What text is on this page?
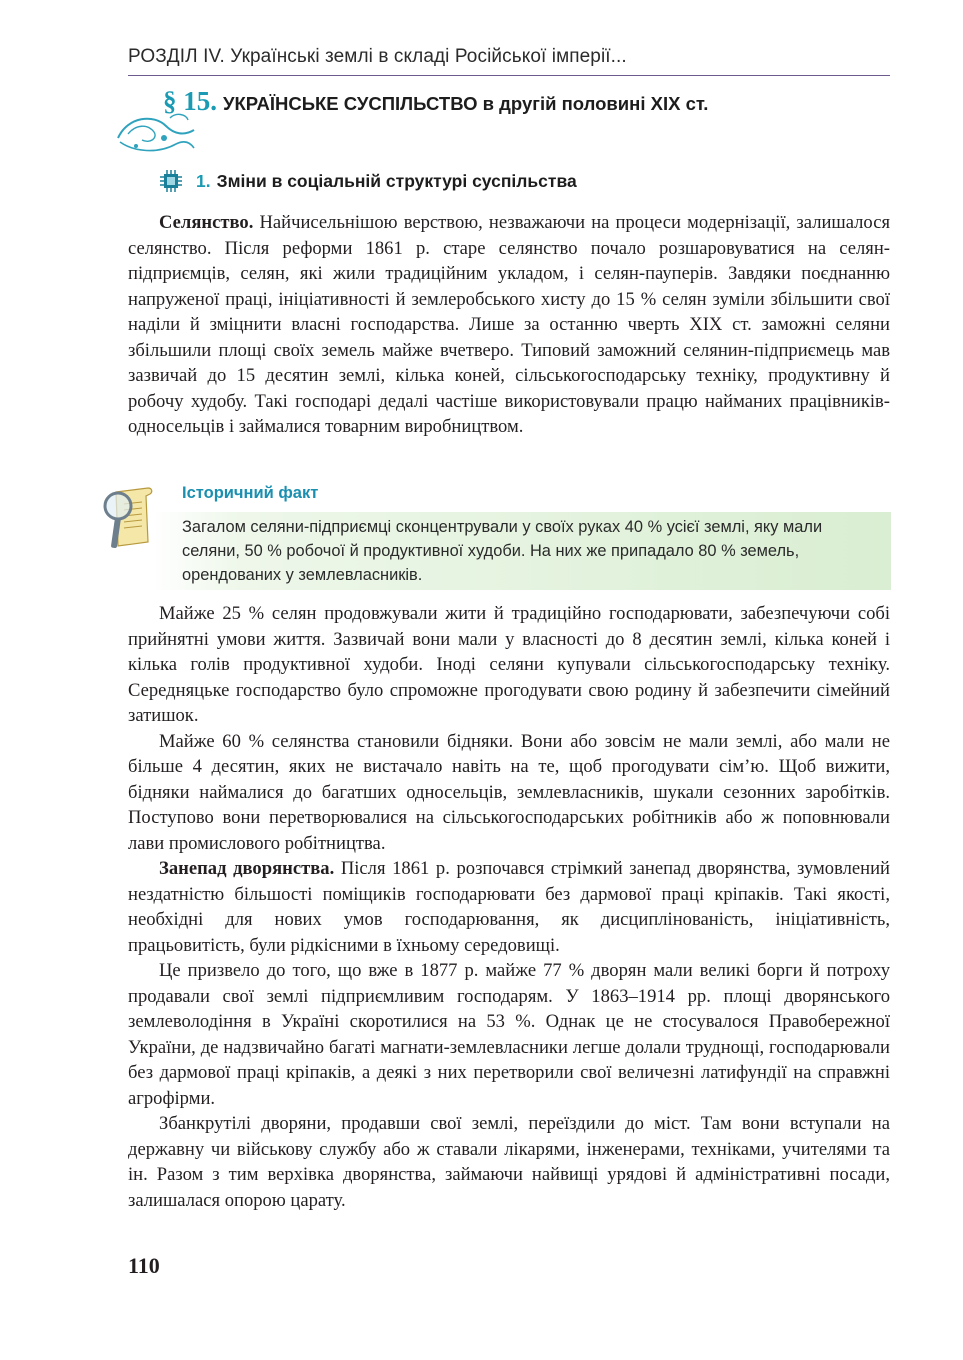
РОЗДІЛ IV. Українські землі в складі Російської імперії...
§ 15. УКРАЇНСЬКЕ СУСПІЛЬСТВО в другій половині XIX ст.
1. Зміни в соціальній структурі суспільства

Селянство. Найчисельнішою верствою, незважаючи на процеси модернізації, залишалося селянство. Після реформи 1861 р. старе селянство почало розшаровуватися на селян-підприємців, селян, які жили традиційним укладом, і селян-пауперів. Завдяки поєднанню напруженої праці, ініціативності й землеробського хисту до 15 % селян зуміли збільшити свої наділи й зміцнити власні господарства. Лише за останню чверть XIX ст. заможні селяни збільшили площі своїх земель майже вчетверо. Типовий заможний селянин-підприємець мав зазвичай до 15 десятин землі, кілька коней, сільськогосподарську техніку, продуктивну й робочу худобу. Такі господарі дедалі частіше використовували працю найманих працівників-односельців і займалися товарним виробництвом.

Історичний факт
Загалом селяни-підприємці сконцентрували у своїх руках 40 % усієї землі, яку мали селяни, 50 % робочої й продуктивної худоби. На них же припадало 80 % земель, орендованих у землевласників.

Майже 25 % селян продовжували жити й традиційно господарювати, забезпечуючи собі прийнятні умови життя. Зазвичай вони мали у власності до 8 десятин землі, кілька коней і кілька голів продуктивної худоби. Іноді селяни купували сільськогосподарську техніку. Середняцьке господарство було спроможне прогодувати свою родину й забезпечити сімейний затишок.

Майже 60 % селянства становили бідняки. Вони або зовсім не мали землі, або мали не більше 4 десятин, яких не вистачало навіть на те, щоб прогодувати сім’ю. Щоб вижити, бідняки наймалися до багатших односельців, землевласників, шукали сезонних заробітків. Поступово вони перетворювалися на сільськогосподарських робітників або ж поповнювали лави промислового робітництва.

Занепад дворянства. Після 1861 р. розпочався стрімкий занепад дворянства, зумовлений нездатністю більшості поміщиків господарювати без дармової праці кріпаків. Такі якості, необхідні для нових умов господарювання, як дисциплінованість, ініціативність, працьовитість, були рідкісними в їхньому середовищі.

Це призвело до того, що вже в 1877 р. майже 77 % дворян мали великі борги й потроху продавали свої землі підприємливим господарям. У 1863–1914 рр. площі дворянського землеволодіння в Україні скоротилися на 53 %. Однак це не стосувалося Правобережної України, де надзвичайно багаті магнати-землевласники легше долали труднощі, господарювали без дармової праці кріпаків, а деякі з них перетворили свої величезні латифундії на справжні агрофірми.

Збанкрутілі дворяни, продавши свої землі, переїздили до міст. Там вони вступали на державну чи військову службу або ж ставали лікарями, інженерами, техніками, учителями та ін. Разом з тим верхівка дворянства, займаючи найвищі урядові й адміністративні посади, залишалася опорою царату.

110
